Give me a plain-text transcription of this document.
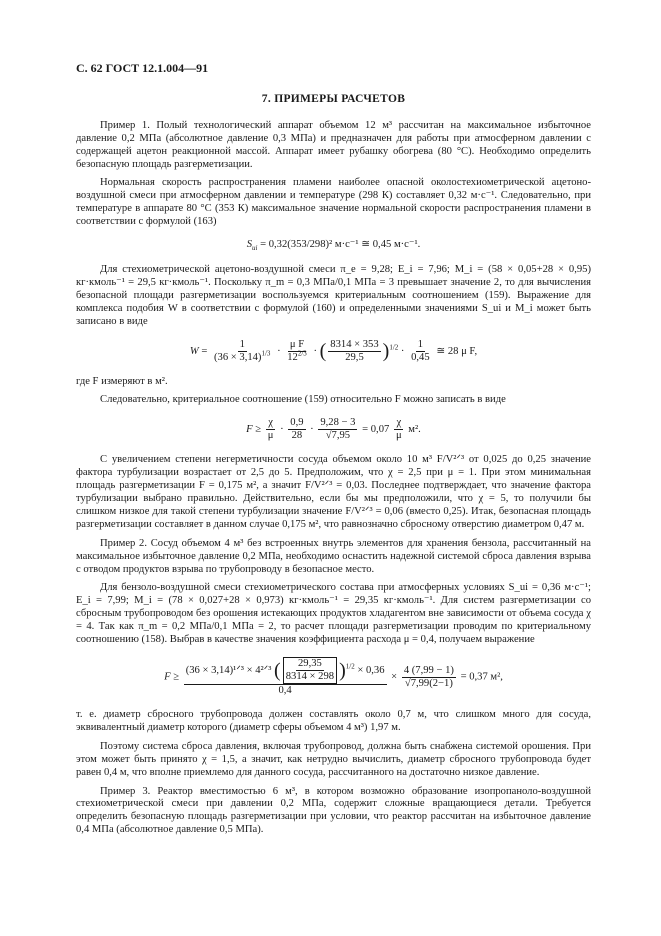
С. 62 ГОСТ 12.1.004—91
7. ПРИМЕРЫ РАСЧЕТОВ

Пример 1. Полый технологический аппарат объемом 12 м³ рассчитан на максимальное избыточное давление 0,2 МПа (абсолютное давление 0,3 МПа) и предназначен для работы при атмосферном давлении с содержащей ацетон реакционной массой. Аппарат имеет рубашку обогрева (80 °С). Необходимо определить безопасную площадь разгерметизации.

Нормальная скорость распространения пламени наиболее опасной околостехиометрической ацетоно-воздушной смеси при атмосферном давлении и температуре (298 К) составляет 0,32 м·с⁻¹. Следовательно, при температуре в аппарате 80 °С (353 К) максимальное значение нормальной скорости распространения пламени в соответствии с формулой (163)

$S_{ui} = 0,32(353/298)^2$ м·с⁻¹ ≅ 0,45 м·с⁻¹.

Для стехиометрической ацетоно-воздушной смеси π_e = 9,28; E_i = 7,96; M_i = (58 × 0,05+28 × 0,95) кг·кмоль⁻¹ = 29,5 кг·кмоль⁻¹. Поскольку π_m = 0,3 МПа/0,1 МПа = 3 превышает значение 2, то для вычисления безопасной площади разгерметизации воспользуемся критериальным соотношением (159). Выражение для комплекса подобия W в соответствии с формулой (160) и определенными значениями S_ui и M_i может быть записано в виде

$W = \frac{1}{(36 \times 3,14)^{1/3}} \cdot \frac{\text{μ F}}{12^{2/3}}$ · ( $\frac{8314 \times 353}{29,5} )^{1/2} \cdot \frac{1}{0,45}$ ≅ 28 μ F,

где F измеряют в м².

Следовательно, критериальное соотношение (159) относительно F можно записать в виде

$F \ge \frac{\chi}{\mu} \cdot \frac{0,9}{28} \cdot \frac{9,28 - 3}{√7,95} = 0,07 \frac{\chi}{\mu} м^2$.

С увеличением степени негерметичности сосуда объемом около 10 м³ F/V²ᐟ³ от 0,025 до 0,25 значение фактора турбулизации возрастает от 2,5 до 5. Предположим, что χ = 2,5 при μ = 1. При этом минимальная площадь разгерметизации F = 0,175 м², а значит F/V²ᐟ³ = 0,03. Последнее подтверждает, что значение фактора турбулизации выбрано правильно. Действительно, если бы мы предположили, что χ = 5, то получили бы слишком низкое для такой степени турбулизации значение F/V²ᐟ³ = 0,06 (вместо 0,25). Итак, безопасная площадь разгерметизации составляет в данном случае 0,175 м², что равнозначно сбросному отверстию диаметром 0,47 м.

Пример 2. Сосуд объемом 4 м³ без встроенных внутрь элементов для хранения бензола, рассчитанный на максимальное избыточное давление 0,2 МПа, необходимо оснастить надежной системой сброса давления взрыва с отводом продуктов взрыва по трубопроводу в безопасное место.

Для бензоло-воздушной смеси стехиометрического состава при атмосферных условиях S_ui = 0,36 м·с⁻¹; E_i = 7,99; M_i = (78 × 0,027+28 × 0,973) кг·кмоль⁻¹ = 29,35 кг·кмоль⁻¹. Для систем разгерметизации со сбросным трубопроводом без орошения истекающих продуктов хладагентом вне зависимости от объема сосуда χ = 4. Так как π_m = 0,2 МПа/0,1 МПа = 2, то расчет площади разгерметизации проводим по критериальному соотношению (158). Выбрав в качестве значения коэффициента расхода μ = 0,4, получаем выражение

$F \ge \frac{(36 \times 3,14)^1ᐟ^3 \times 4^2ᐟ^3 ( \frac{29,35}{8314 \times 298} )^{1/2} \times 0,36}{0,4} \times \frac{4 (7,99 - 1)}{√7,99(2-1)} = 0,37$ м²,

т. е. диаметр сбросного трубопровода должен составлять около 0,7 м, что слишком много для сосуда, эквивалентный диаметр которого (диаметр сферы объемом 4 м³) 1,97 м.

Поэтому система сброса давления, включая трубопровод, должна быть снабжена системой орошения. При этом может быть принято χ = 1,5, а значит, как нетрудно вычислить, диаметр сбросного трубопровода будет равен 0,4 м, что вполне приемлемо для данного сосуда, рассчитанного на достаточно низкое давление.

Пример 3. Реактор вместимостью 6 м³, в котором возможно образование изопропаноло-воздушной стехиометрической смеси при давлении 0,2 МПа, содержит сложные вращающиеся детали. Требуется определить безопасную площадь разгерметизации при условии, что реактор рассчитан на избыточное давление 0,4 МПа (абсолютное давление 0,5 МПа).
